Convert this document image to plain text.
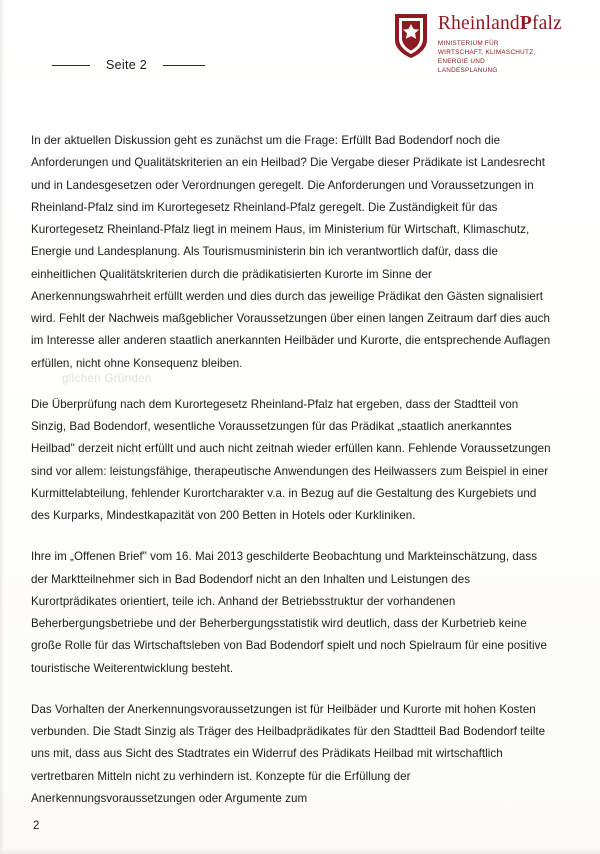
RheinlandPfalz
MINISTERIUM FÜR
WIRTSCHAFT, KLIMASCHUTZ,
ENERGIE UND
LANDESPLANUNG
Seite 2

In der aktuellen Diskussion geht es zunächst um die Frage: Erfüllt Bad Bodendorf noch die Anforderungen und Qualitätskriterien an ein Heilbad? Die Vergabe dieser Prädikate ist Landesrecht und in Landesgesetzen oder Verordnungen geregelt. Die Anforderungen und Voraussetzungen in Rheinland-Pfalz sind im Kurortegesetz Rheinland-Pfalz geregelt. Die Zuständigkeit für das Kurortegesetz Rheinland-Pfalz liegt in meinem Haus, im Ministerium für Wirtschaft, Klimaschutz, Energie und Landesplanung. Als Tourismusministerin bin ich verantwortlich dafür, dass die einheitlichen Qualitätskriterien durch die prädikatisierten Kurorte im Sinne der Anerkennungswahrheit erfüllt werden und dies durch das jeweilige Prädikat den Gästen signalisiert wird. Fehlt der Nachweis maßgeblicher Voraussetzungen über einen langen Zeitraum darf dies auch im Interesse aller anderen staatlich anerkannten Heilbäder und Kurorte, die entsprechende Auflagen erfüllen, nicht ohne Konsequenz bleiben.

Die Überprüfung nach dem Kurortegesetz Rheinland-Pfalz hat ergeben, dass der Stadtteil von Sinzig, Bad Bodendorf, wesentliche Voraussetzungen für das Prädikat „staatlich anerkanntes Heilbad" derzeit nicht erfüllt und auch nicht zeitnah wieder erfüllen kann. Fehlende Voraussetzungen sind vor allem: leistungsfähige, therapeutische Anwendungen des Heilwassers zum Beispiel in einer Kurmittelabteilung, fehlender Kurortcharakter v.a. in Bezug auf die Gestaltung des Kurgebiets und des Kurparks, Mindestkapazität von 200 Betten in Hotels oder Kurkliniken.

Ihre im „Offenen Brief" vom 16. Mai 2013 geschilderte Beobachtung und Markteinschätzung, dass der Marktteilnehmer sich in Bad Bodendorf nicht an den Inhalten und Leistungen des Kurortprädikates orientiert, teile ich. Anhand der Betriebsstruktur der vorhandenen Beherbergungsbetriebe und der Beherbergungsstatistik wird deutlich, dass der Kurbetrieb keine große Rolle für das Wirtschaftsleben von Bad Bodendorf spielt und noch Spielraum für eine positive touristische Weiterentwicklung besteht.

Das Vorhalten der Anerkennungsvoraussetzungen ist für Heilbäder und Kurorte mit hohen Kosten verbunden. Die Stadt Sinzig als Träger des Heilbadprädikates für den Stadtteil Bad Bodendorf teilte uns mit, dass aus Sicht des Stadtrates ein Widerruf des Prädikats Heilbad mit wirtschaftlich vertretbaren Mitteln nicht zu verhindern ist. Konzepte für die Erfüllung der Anerkennungsvoraussetzungen oder Argumente zum

glichen Gründen
2
